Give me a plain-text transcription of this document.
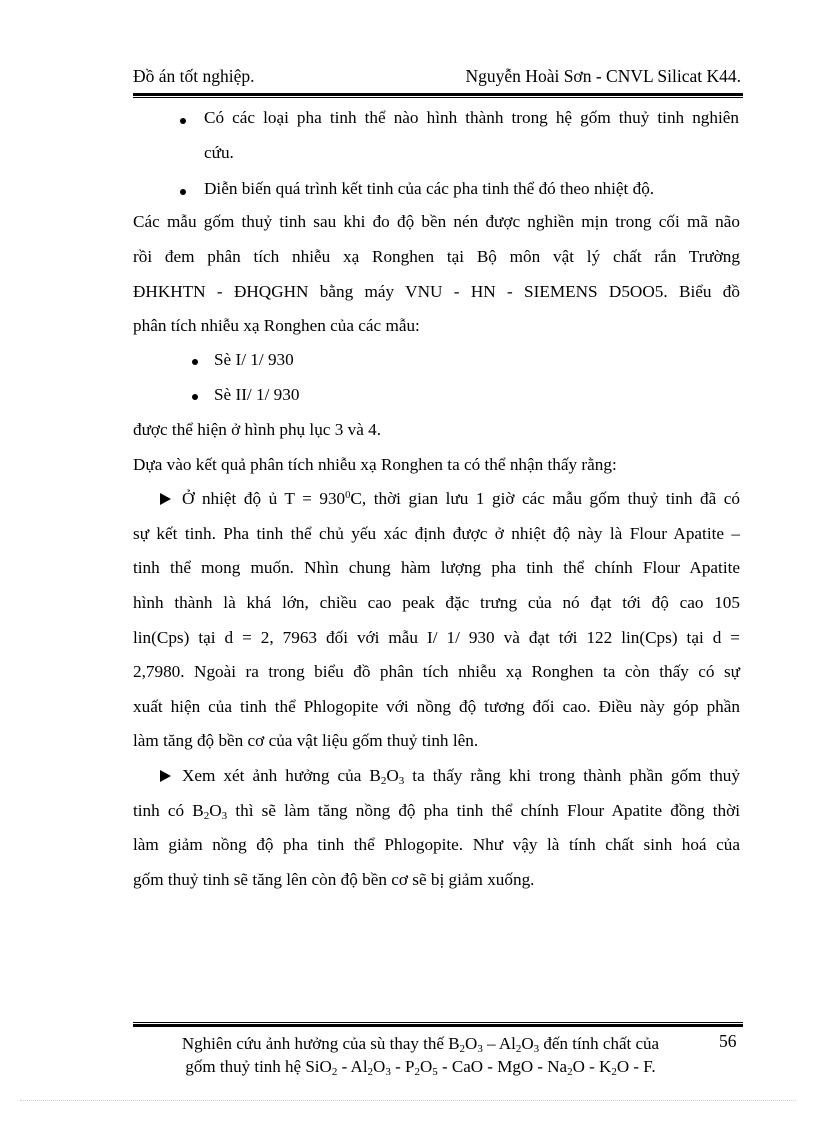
Đồ án tốt nghiệp.	Nguyễn Hoài Sơn - CNVL Silicat K44.
Có các loại pha tinh thể nào hình thành trong hệ gốm thuỷ tinh nghiên
cứu.
Diễn biến quá trình kết tinh của các pha tinh thể đó theo nhiệt độ.
Các mẫu gốm thuỷ tinh sau khi đo độ bền nén được nghiền mịn trong cối mã não
rồi đem phân tích nhiễu xạ Ronghen tại Bộ môn vật lý chất rắn Trường
ĐHKHTN - ĐHQGHN bằng máy VNU - HN - SIEMENS D5OO5. Biểu đồ
phân tích nhiễu xạ Ronghen của các mẫu:
Sè I/ 1/ 930
Sè II/ 1/ 930
được thể hiện ở hình phụ lục 3 và 4.
Dựa vào kết quả phân tích nhiễu xạ Ronghen ta có thể nhận thấy rằng:
Ở nhiệt độ ủ $T = 930^0C$, thời gian lưu 1 giờ các mẫu gốm thuỷ tinh đã có
sự kết tinh. Pha tinh thể chủ yếu xác định được ở nhiệt độ này là Flour Apatite –
tinh thể mong muốn. Nhìn chung hàm lượng pha tinh thể chính Flour Apatite
hình thành là khá lớn, chiều cao peak đặc trưng của nó đạt tới độ cao 105
lin(Cps) tại d = 2, 7963 đối với mẫu I/ 1/ 930 và đạt tới 122 lin(Cps) tại d =
2,7980. Ngoài ra trong biểu đồ phân tích nhiễu xạ Ronghen ta còn thấy có sự
xuất hiện của tinh thể Phlogopite với nồng độ tương đối cao. Điều này góp phần
làm tăng độ bền cơ của vật liệu gốm thuỷ tinh lên.
Xem xét ảnh hưởng của $B_2O_3$ ta thấy rằng khi trong thành phần gốm thuỷ
tinh có $B_2O_3$ thì sẽ làm tăng nồng độ pha tinh thể chính Flour Apatite đồng thời
làm giảm nồng độ pha tinh thể Phlogopite. Như vậy là tính chất sinh hoá của
gốm thuỷ tinh sẽ tăng lên còn độ bền cơ sẽ bị giảm xuống.
Nghiên cứu ảnh hưởng của sù thay thế $B_2O_3 - Al_2O_3$ đến tính chất của
gốm thuỷ tinh hệ $SiO_2 - Al_2O_3 - P_2O_5$ - CaO - MgO - $Na_2O - K_2O$ - F.
56
